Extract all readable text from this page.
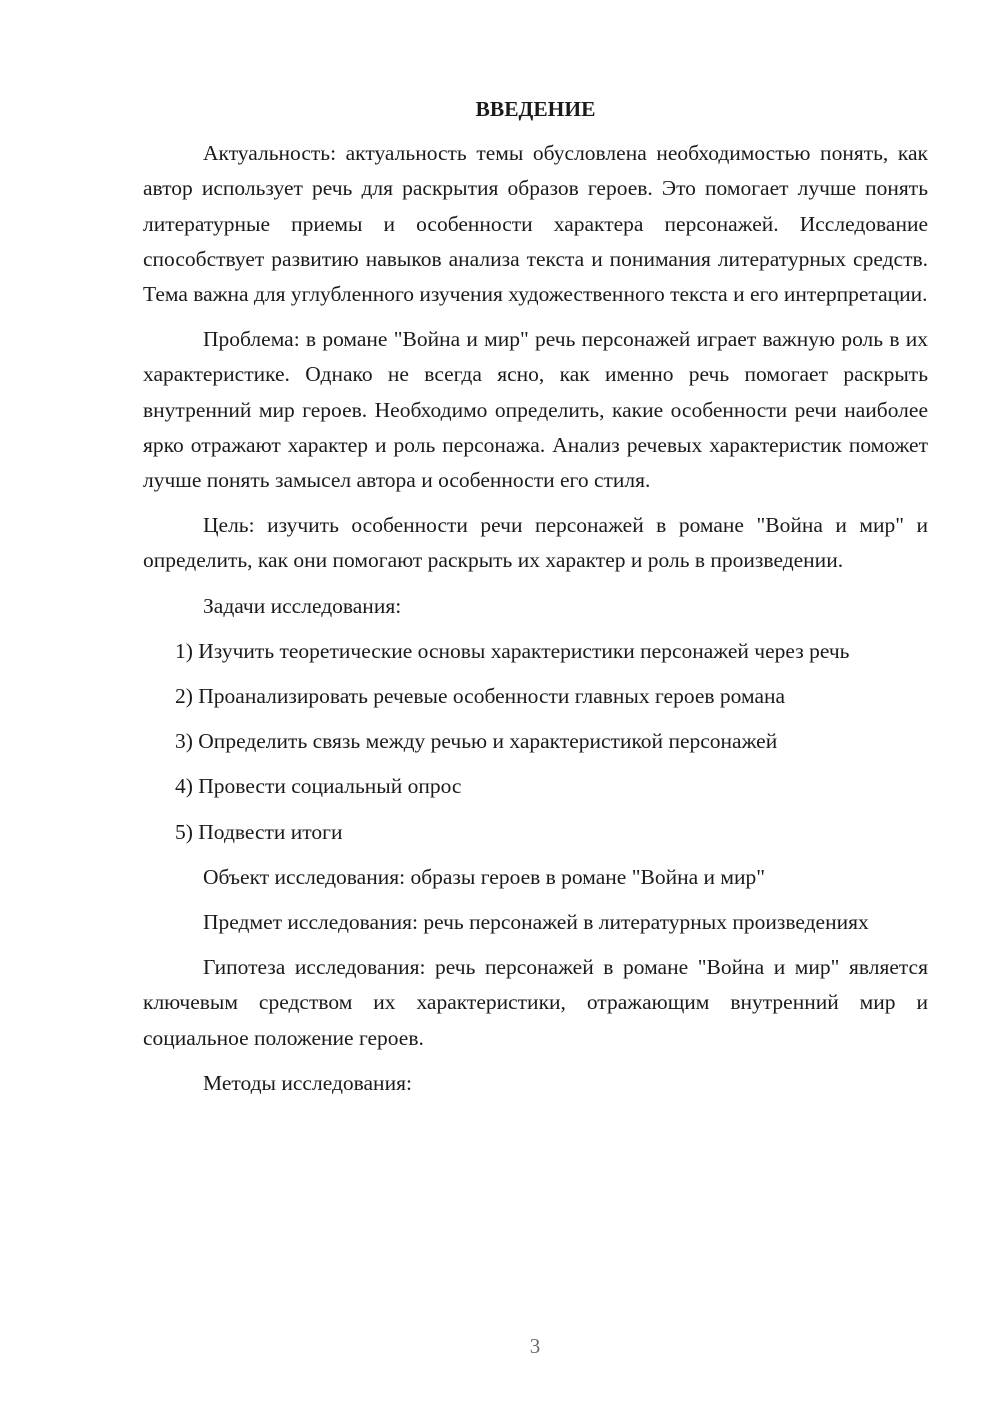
ВВЕДЕНИЕ

Актуальность: актуальность темы обусловлена необходимостью понять, как автор использует речь для раскрытия образов героев. Это помогает лучше понять литературные приемы и особенности характера персонажей. Исследование способствует развитию навыков анализа текста и понимания литературных средств. Тема важна для углубленного изучения художественного текста и его интерпретации.

Проблема: в романе "Война и мир" речь персонажей играет важную роль в их характеристике. Однако не всегда ясно, как именно речь помогает раскрыть внутренний мир героев. Необходимо определить, какие особенности речи наиболее ярко отражают характер и роль персонажа. Анализ речевых характеристик поможет лучше понять замысел автора и особенности его стиля.

Цель: изучить особенности речи персонажей в романе "Война и мир" и определить, как они помогают раскрыть их характер и роль в произведении.

Задачи исследования:

1) Изучить теоретические основы характеристики персонажей через речь
2) Проанализировать речевые особенности главных героев романа
3) Определить связь между речью и характеристикой персонажей
4) Провести социальный опрос
5) Подвести итоги

Объект исследования: образы героев в романе "Война и мир"

Предмет исследования: речь персонажей в литературных произведениях

Гипотеза исследования: речь персонажей в романе "Война и мир" является ключевым средством их характеристики, отражающим внутренний мир и социальное положение героев.

Методы исследования:

3
